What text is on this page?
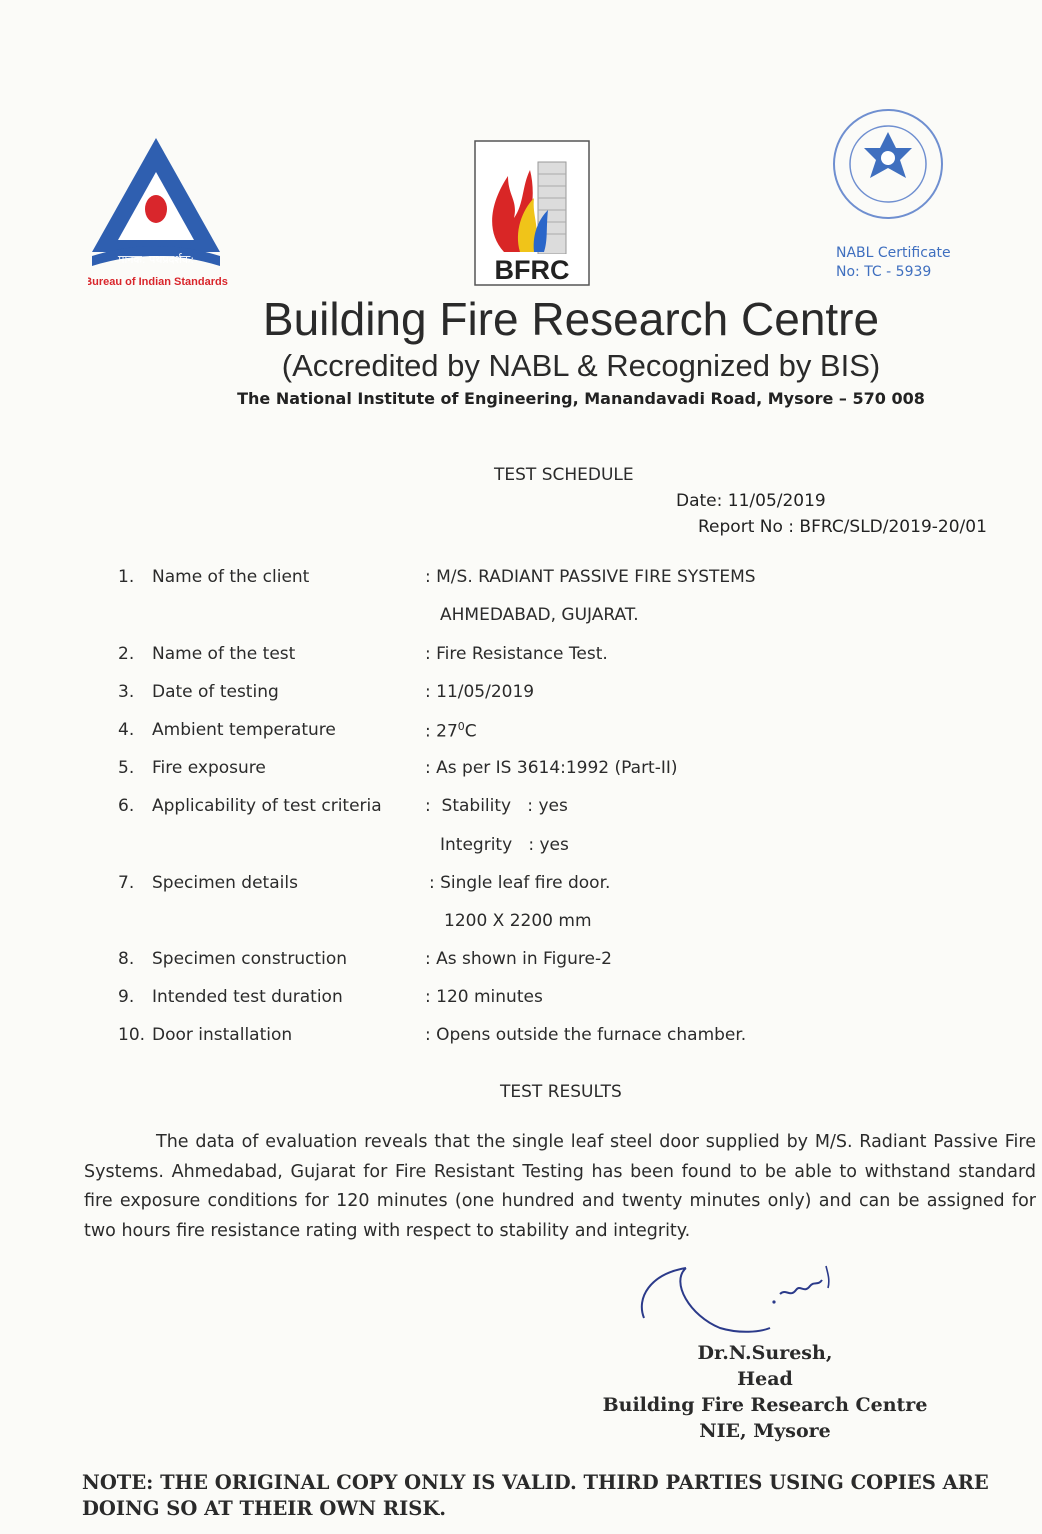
मानक: पथप्रदर्शक:
Bureau of Indian Standards	BFRC
NABL Certificate
No: TC - 5939
Building Fire Research Centre
(Accredited by NABL & Recognized by BIS)
The National Institute of Engineering, Manandavadi Road, Mysore – 570 008
TEST SCHEDULE
Date: 11/05/2019
Report No : BFRC/SLD/2019-20/01
1.	Name of the client	: M/S. RADIANT PASSIVE FIRE SYSTEMS
AHMEDABAD, GUJARAT.
2.	Name of the test	: Fire Resistance Test.
3.	Date of testing	: 11/05/2019
4.	Ambient temperature	: $27^0C$
5.	Fire exposure	: As per IS 3614:1992 (Part-II)
6.	Applicability of test criteria	:  Stability   : yes
Integrity   : yes
7.	Specimen details	: Single leaf fire door.
1200 X 2200 mm
8.	Specimen construction	: As shown in Figure-2
9.	Intended test duration	: 120 minutes
10. Door installation	: Opens outside the furnace chamber.
TEST RESULTS
The data of evaluation reveals that the single leaf steel door supplied by M/S. Radiant Passive Fire Systems. Ahmedabad, Gujarat for Fire Resistant Testing has been found to be able to withstand standard fire exposure conditions for 120 minutes (one hundred and twenty minutes only) and can be assigned for two hours fire resistance rating with respect to stability and integrity.
Dr.N.Suresh,
Head
Building Fire Research Centre
NIE, Mysore
NOTE: THE ORIGINAL COPY ONLY IS VALID. THIRD PARTIES USING COPIES ARE DOING SO AT THEIR OWN RISK.
